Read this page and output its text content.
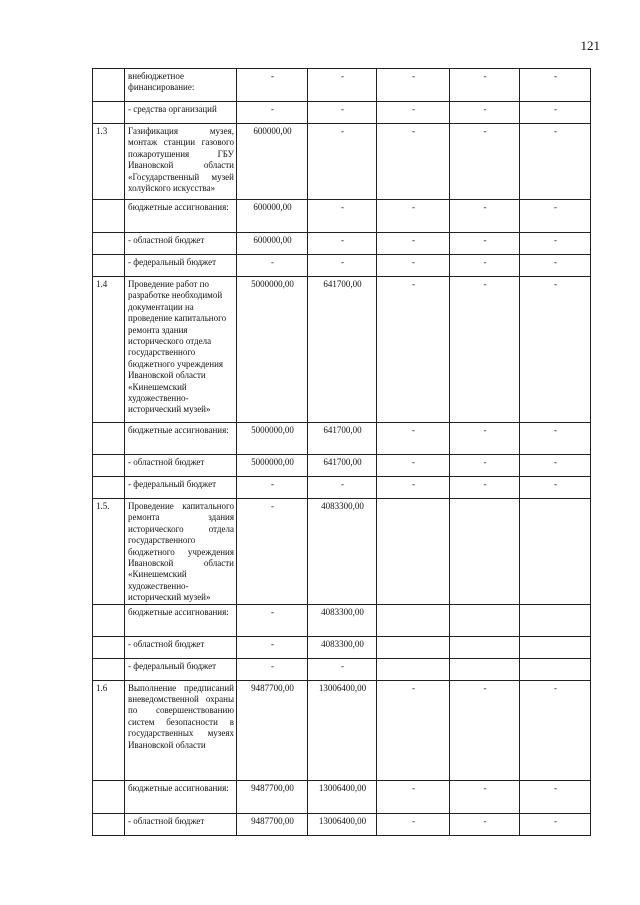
121
	внебюджетное финансирование:	-	-	-	-	-
	- средства организаций	-	-	-	-	-
1.3	Газификация музея, монтаж станции газового пожаротушения ГБУ Ивановской области «Государственный музей холуйского искусства»	600000,00	-	-	-	-
	бюджетные ассигнования:	600000,00	-	-	-	-
	- областной бюджет	600000,00	-	-	-	-
	- федеральный бюджет	-	-	-	-	-
1.4	Проведение работ по разработке необходимой документации на проведение капитального ремонта здания исторического отдела государственного бюджетного учреждения Ивановской области «Кинешемский художественно-исторический музей»	5000000,00	641700,00	-	-	-
	бюджетные ассигнования:	5000000,00	641700,00	-	-	-
	- областной бюджет	5000000,00	641700,00	-	-	-
	- федеральный бюджет	-	-	-	-	-
1.5.	Проведение капитального ремонта здания исторического отдела государственного бюджетного учреждения Ивановской области «Кинешемский художественно-исторический музей»	-	4083300,00			
	бюджетные ассигнования:	-	4083300,00			
	- областной бюджет	-	4083300,00			
	- федеральный бюджет	-	-			
1.6	Выполнение предписаний вневедомственной охраны по совершенствованию систем безопасности в государственных музеях Ивановской области	9487700,00	13006400,00	-	-	-
	бюджетные ассигнования:	9487700,00	13006400,00	-	-	-
	- областной бюджет	9487700,00	13006400,00	-	-	-
